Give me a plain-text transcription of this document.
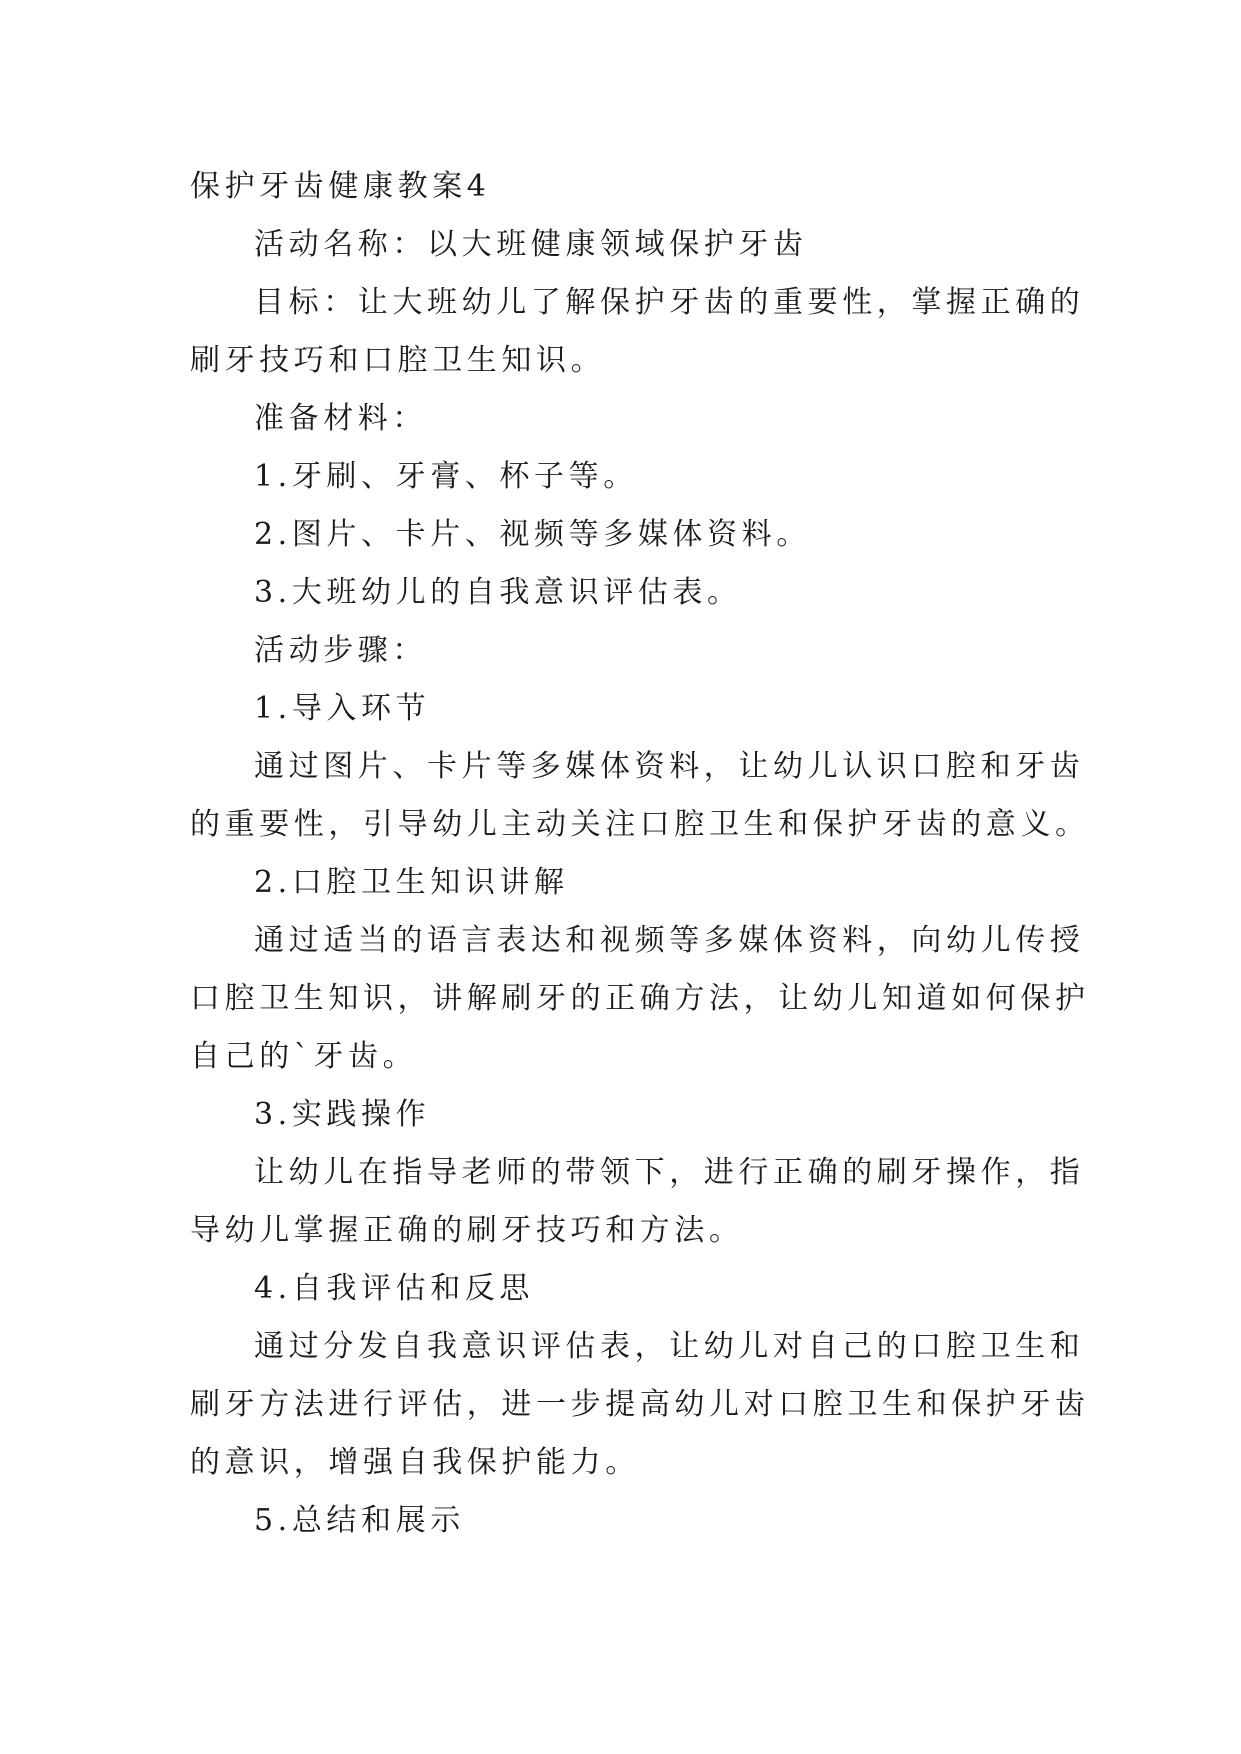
保护牙齿健康教案4
活动名称：以大班健康领域保护牙齿
目标：让大班幼儿了解保护牙齿的重要性，掌握正确的
刷牙技巧和口腔卫生知识。
准备材料：
1.牙刷、牙膏、杯子等。
2.图片、卡片、视频等多媒体资料。
3.大班幼儿的自我意识评估表。
活动步骤：
1.导入环节
通过图片、卡片等多媒体资料，让幼儿认识口腔和牙齿
的重要性，引导幼儿主动关注口腔卫生和保护牙齿的意义。
2.口腔卫生知识讲解
通过适当的语言表达和视频等多媒体资料，向幼儿传授
口腔卫生知识，讲解刷牙的正确方法，让幼儿知道如何保护
自己的`牙齿。
3.实践操作
让幼儿在指导老师的带领下，进行正确的刷牙操作，指
导幼儿掌握正确的刷牙技巧和方法。
4.自我评估和反思
通过分发自我意识评估表，让幼儿对自己的口腔卫生和
刷牙方法进行评估，进一步提高幼儿对口腔卫生和保护牙齿
的意识，增强自我保护能力。
5.总结和展示
